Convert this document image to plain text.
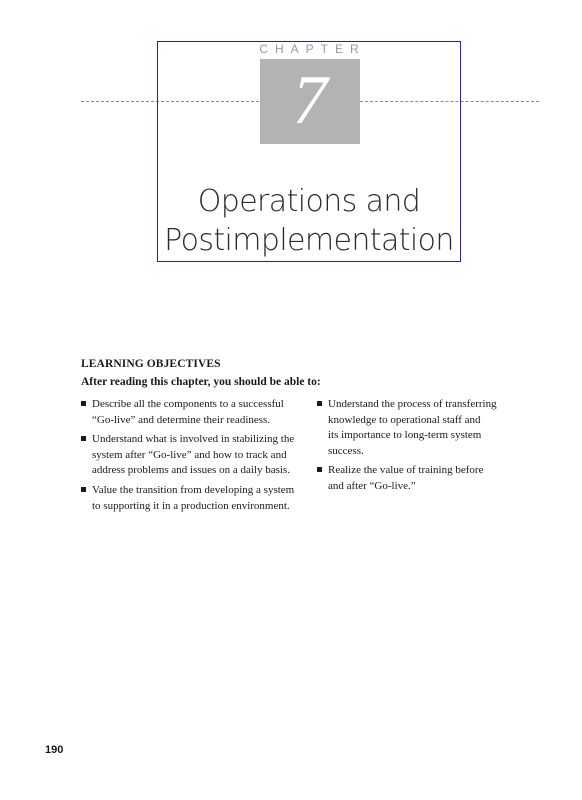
CHAPTER
7
Operations and
Postimplementation
LEARNING OBJECTIVES
After reading this chapter, you should be able to:
Describe all the components to a successful
“Go-live” and determine their readiness.
Understand what is involved in stabilizing the
system after “Go-live” and how to track and
address problems and issues on a daily basis.
Value the transition from developing a system
to supporting it in a production environment.
Understand the process of transferring
knowledge to operational staff and
its importance to long-term system
success.
Realize the value of training before
and after “Go-live.”
190
